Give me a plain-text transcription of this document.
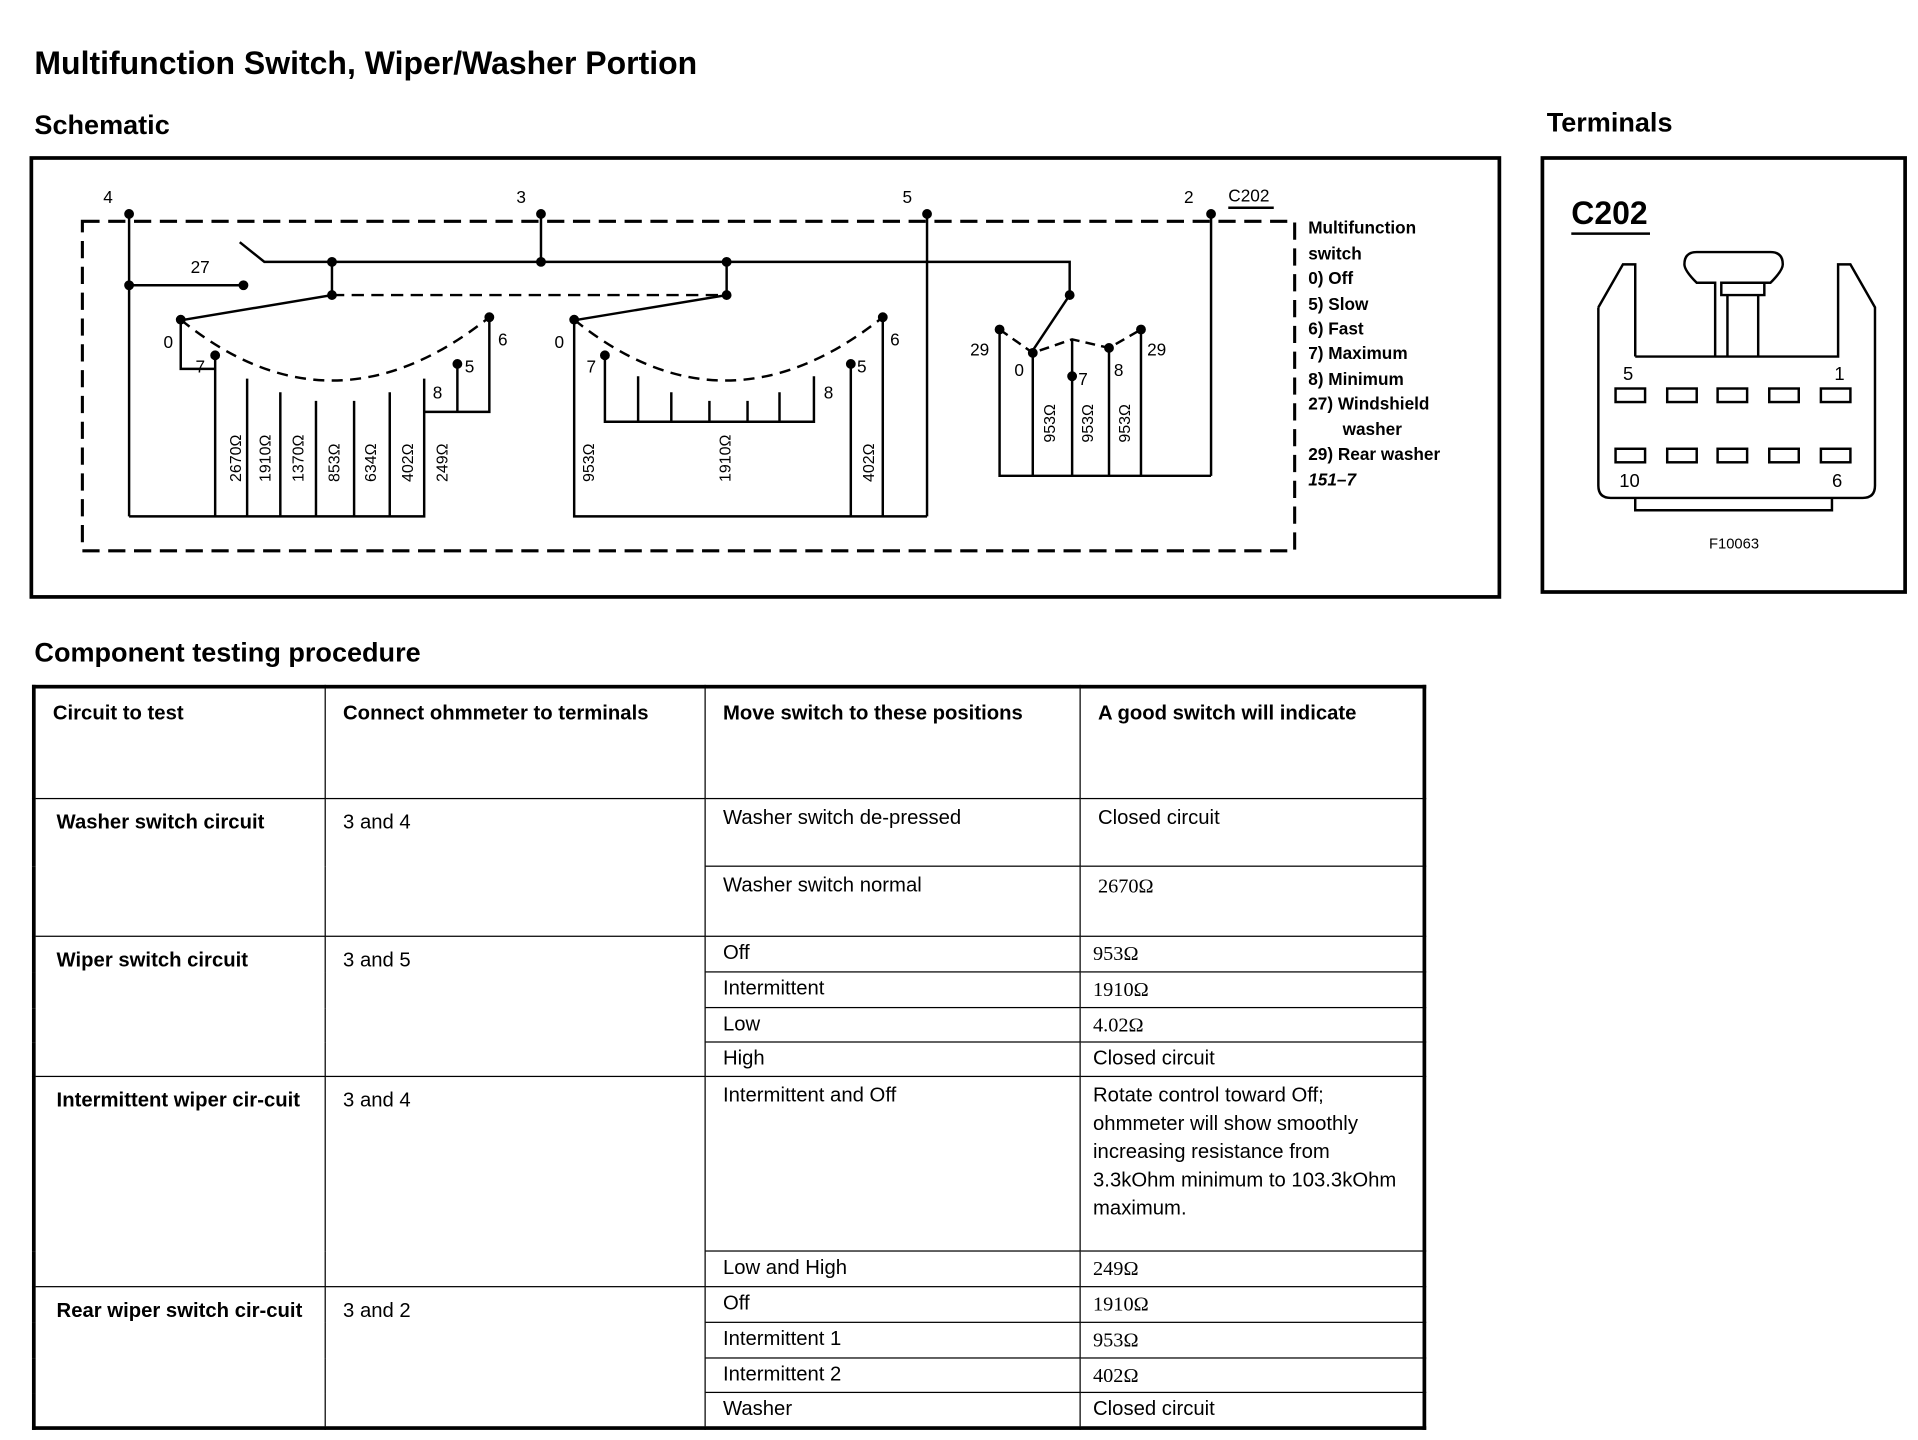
Multifunction Switch, Wiper/Washer Portion
Schematic	Terminals
4	3	5	2 C202
27
0
7	5
6
8
0
7	5
6
8
29	29
0	7 8
2670Ω 1910Ω 1370Ω 853Ω 634Ω 402Ω 249Ω	953Ω	1910Ω	402Ω
953Ω 953Ω 953Ω
Multifunction
switch
0) Off
5) Slow
6) Fast
7) Maximum
8) Minimum
27) Windshield
washer
29) Rear washer
151–7
C202
5	1
10	6
F10063
Component testing procedure
Circuit to test	Connect ohmmeter to terminals	Move switch to these positions	A good switch will indicate
Washer switch circuit	3 and 4	Washer switch de-pressed	Closed circuit
		Washer switch normal	2670Ω
Wiper switch circuit	3 and 5	Off	953Ω
		Intermittent	1910Ω
		Low	4.02Ω
		High	Closed circuit
Intermittent wiper cir-cuit	3 and 4	Intermittent and Off	Rotate control toward Off; ohmmeter will show smoothly increasing resistance from 3.3kOhm minimum to 103.3kOhm maximum.
		Low and High	249Ω
Rear wiper switch cir-cuit	3 and 2	Off	1910Ω
		Intermittent 1	953Ω
		Intermittent 2	402Ω
		Washer	Closed circuit
